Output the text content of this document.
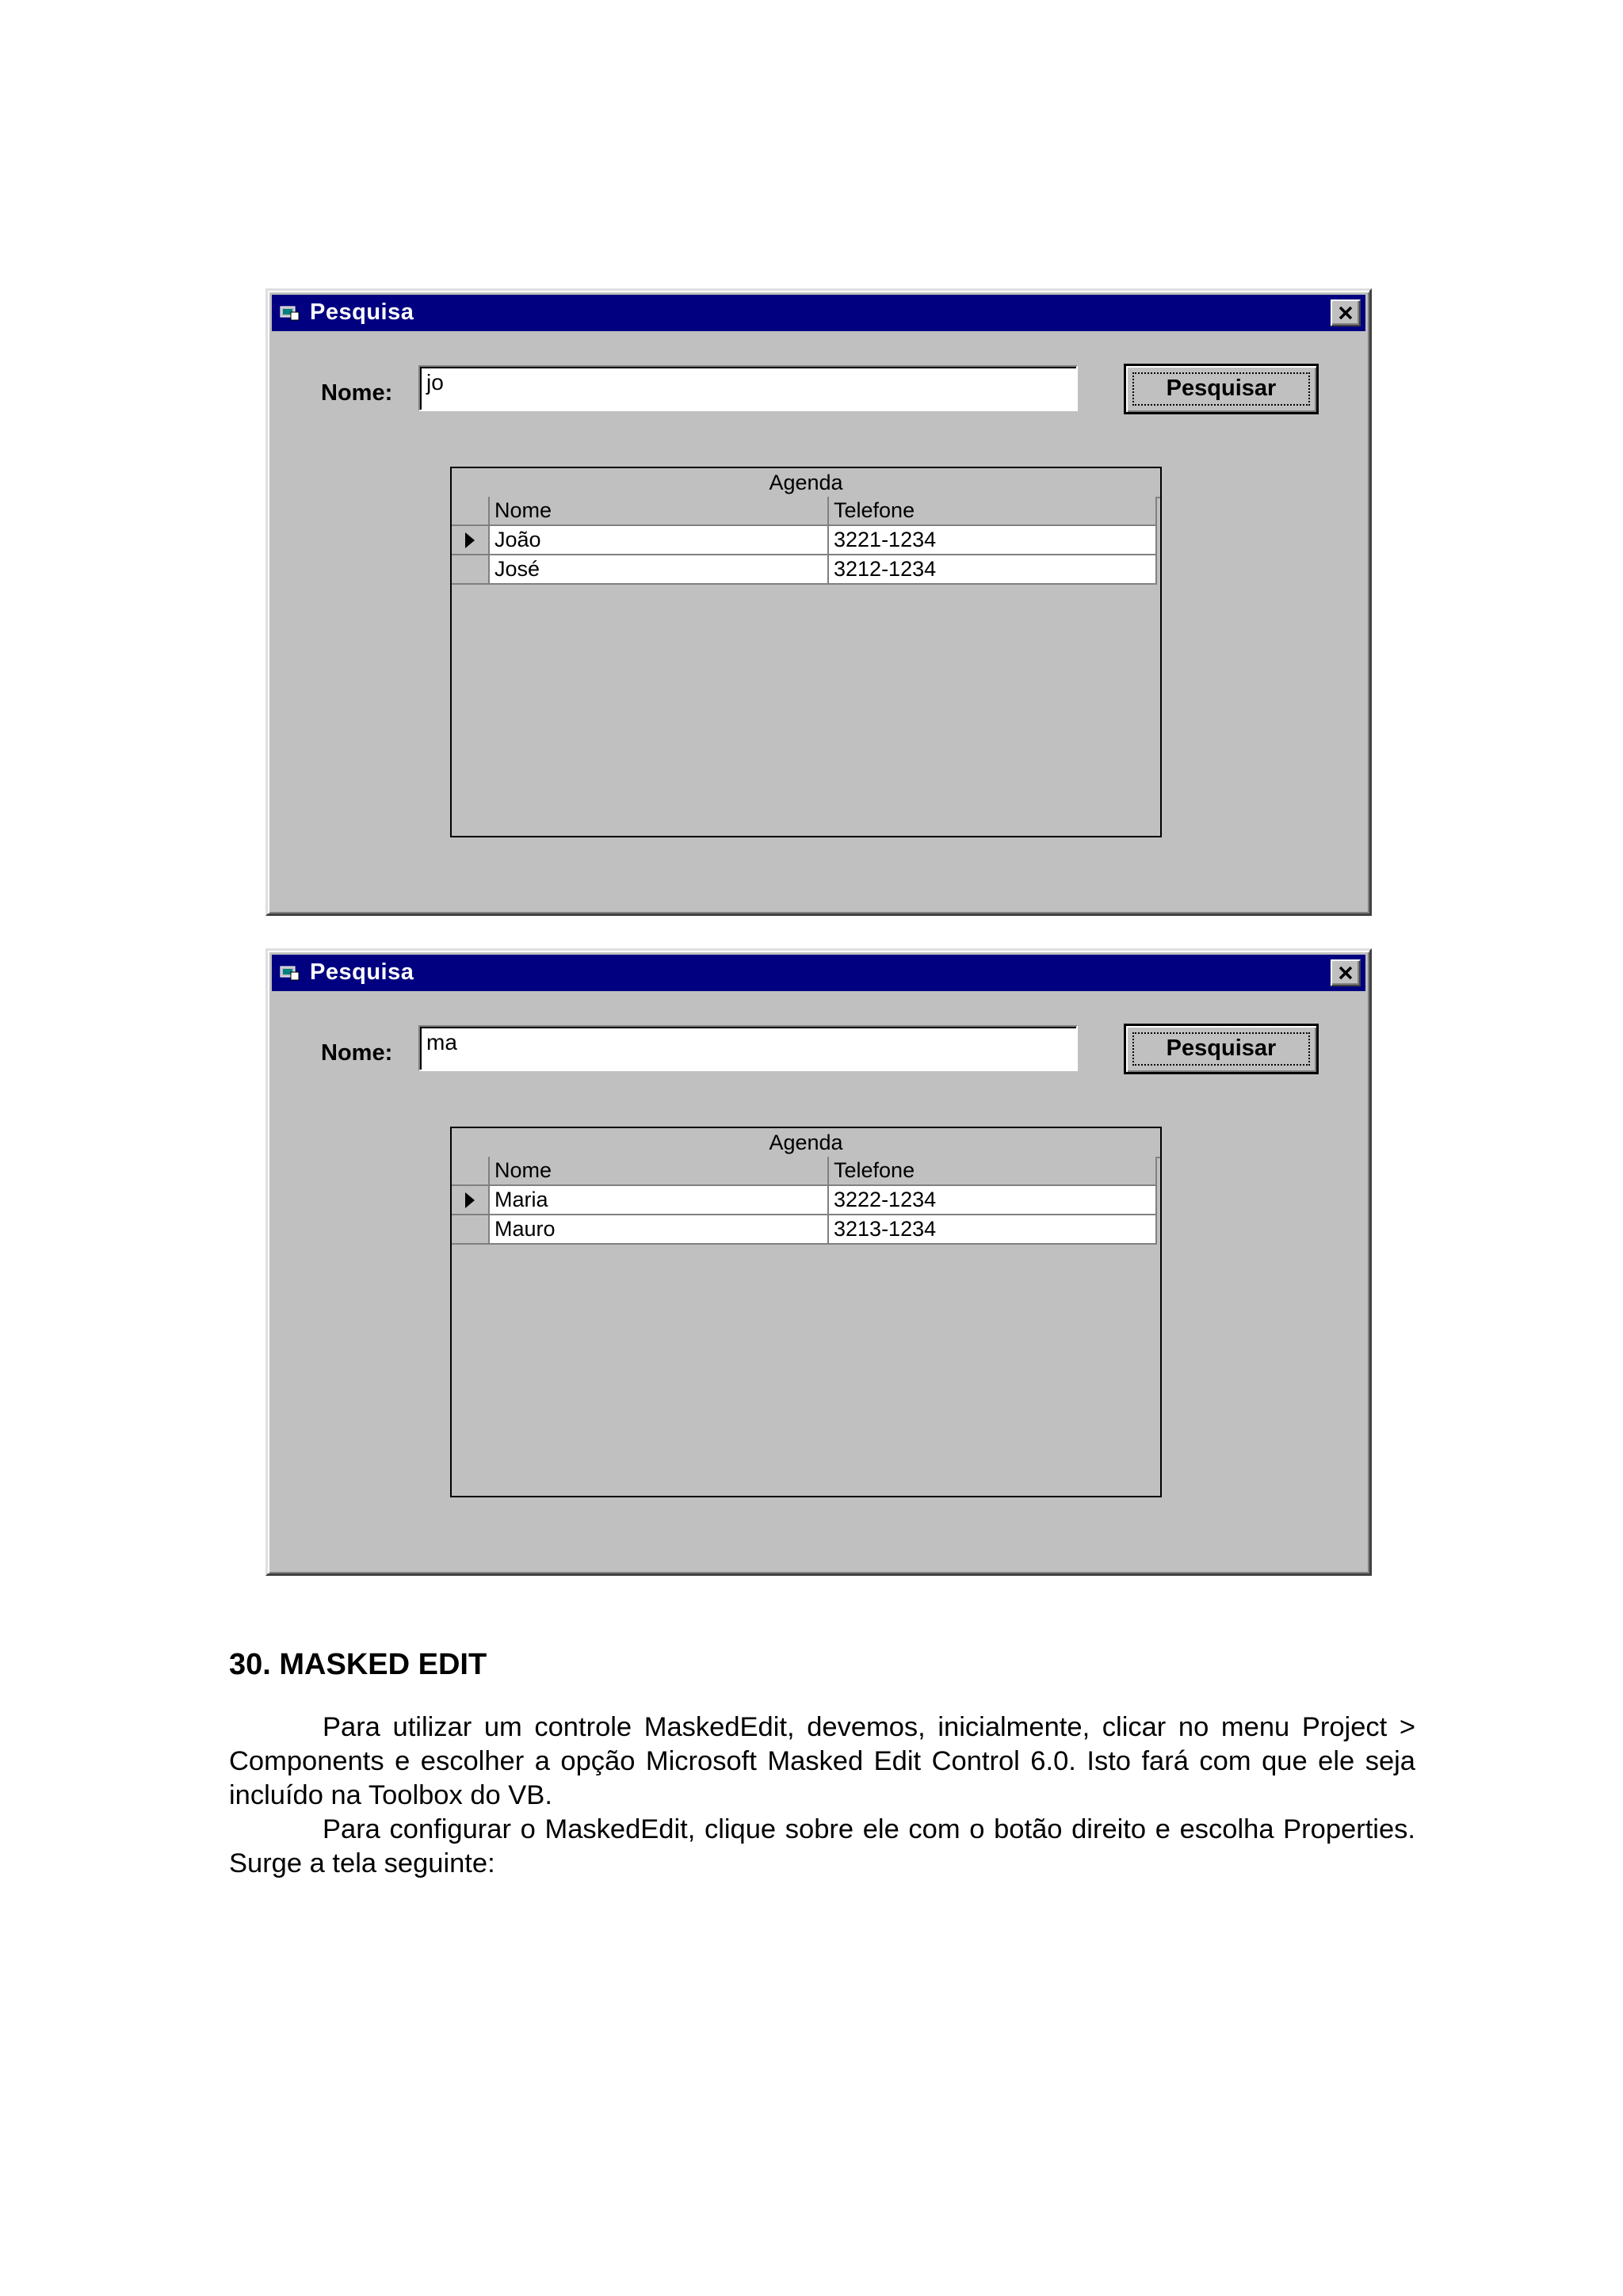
Pesquisa
Nome:	jo	Pesquisar
Agenda
Nome	Telefone
João	3221-1234
José	3212-1234
Pesquisa
Nome:	ma	Pesquisar
Agenda
Nome	Telefone
Maria	3222-1234
Mauro	3213-1234
30. MASKED EDIT

Para utilizar um controle MaskedEdit, devemos, inicialmente, clicar no menu Project > Components e escolher a opção Microsoft Masked Edit Control 6.0. Isto fará com que ele seja incluído na Toolbox do VB.

Para configurar o MaskedEdit, clique sobre ele com o botão direito e escolha Properties. Surge a tela seguinte:
